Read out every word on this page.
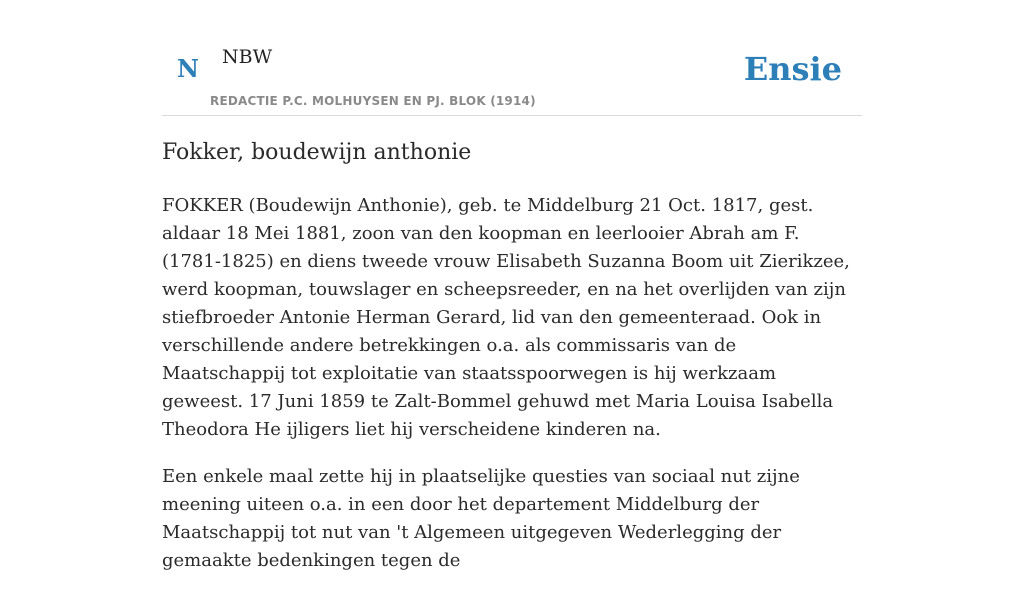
N NBW
REDACTIE P.C. MOLHUYSEN EN PJ. BLOK (1914)
Ensie
Fokker, boudewijn anthonie

FOKKER (Boudewijn Anthonie), geb. te Middelburg 21 Oct. 1817, gest. aldaar 18 Mei 1881, zoon van den koopman en leerlooier Abrah am F. (1781-1825) en diens tweede vrouw Elisabeth Suzanna Boom uit Zierikzee, werd koopman, touwslager en scheepsreeder, en na het overlijden van zijn stiefbroeder Antonie Herman Gerard, lid van den gemeenteraad. Ook in verschillende andere betrekkingen o.a. als commissaris van de Maatschappij tot exploitatie van staatsspoorwegen is hij werkzaam geweest. 17 Juni 1859 te Zalt-Bommel gehuwd met Maria Louisa Isabella Theodora He ijligers liet hij verscheidene kinderen na.

Een enkele maal zette hij in plaatselijke questies van sociaal nut zijne meening uiteen o.a. in een door het departement Middelburg der Maatschappij tot nut van 't Algemeen uitgegeven Wederlegging der gemaakte bedenkingen tegen de
